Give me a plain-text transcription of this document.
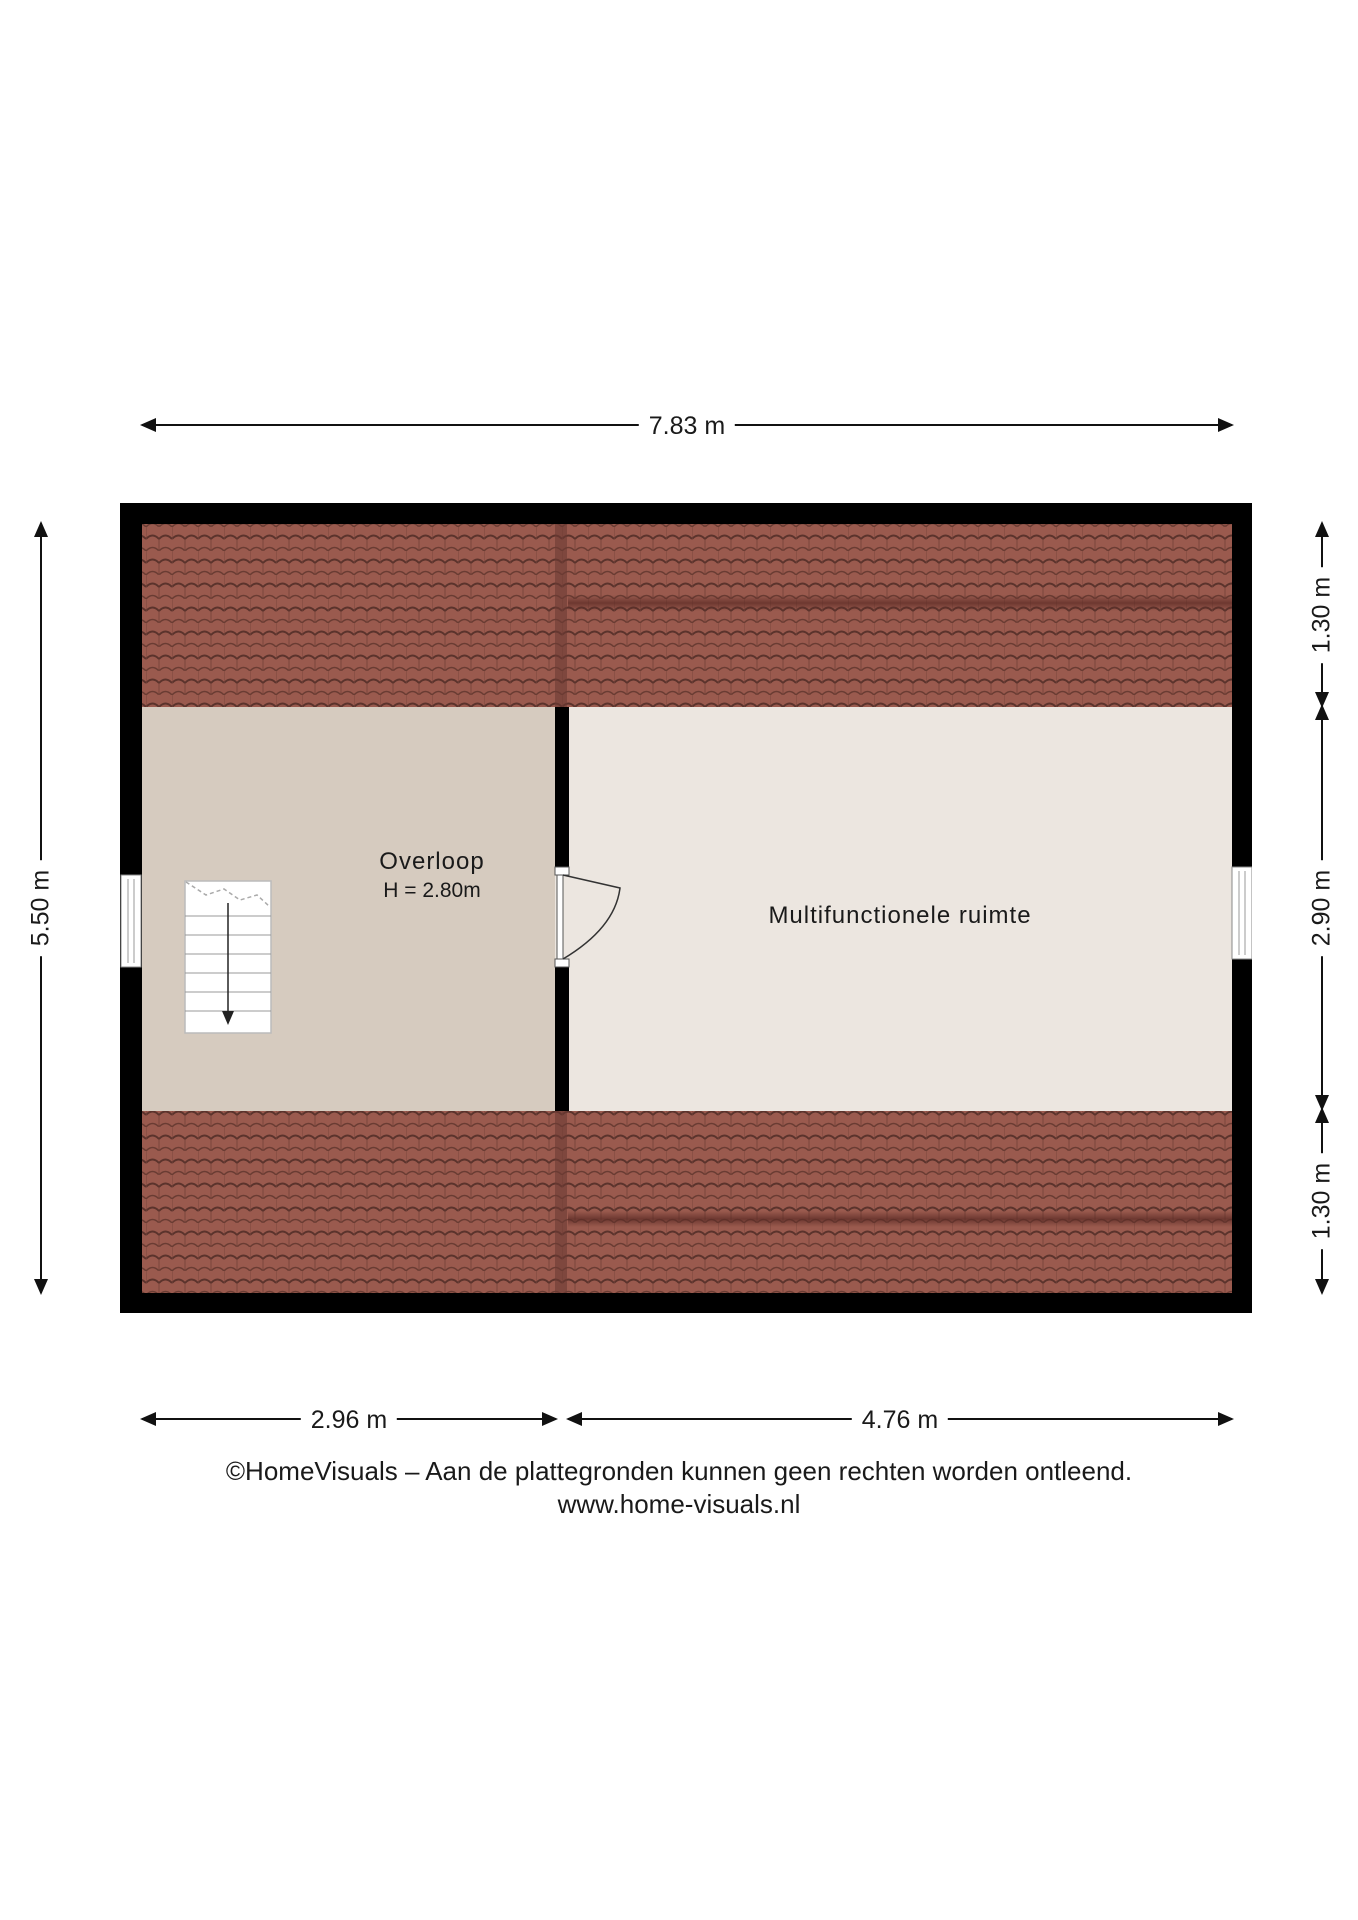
7.83 m
5.50 m
1.30 m
2.90 m
1.30 m
Overloop
H = 2.80m
Multifunctionele ruimte
2.96 m	4.76 m
©HomeVisuals – Aan de plattegronden kunnen geen rechten worden ontleend.
www.home-visuals.nl
